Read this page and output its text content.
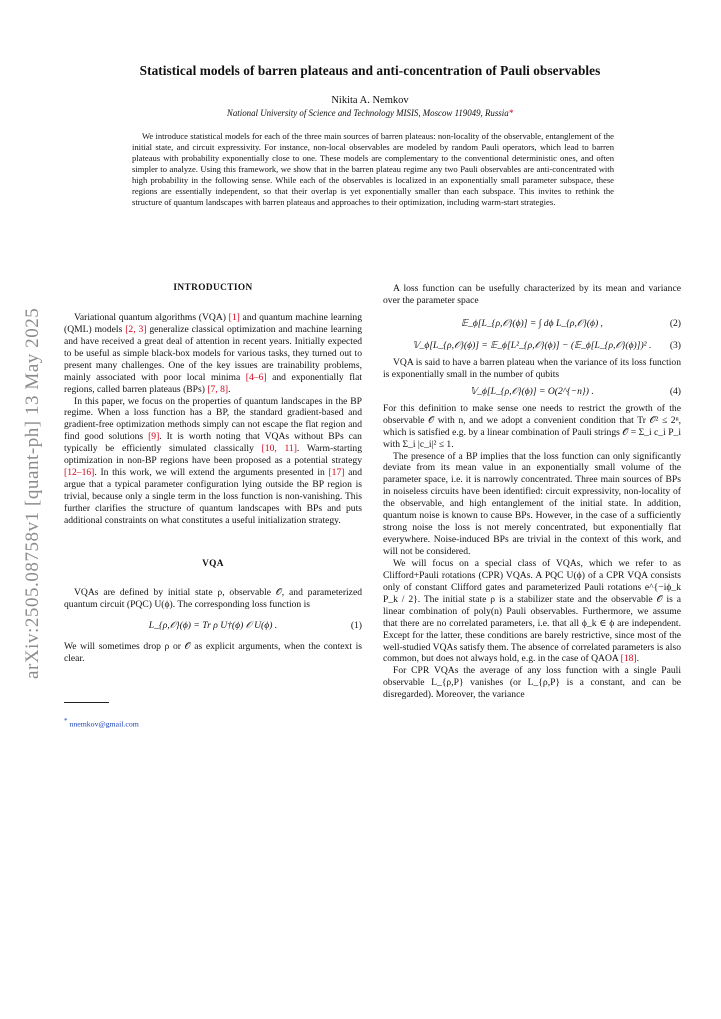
Statistical models of barren plateaus and anti-concentration of Pauli observables
Nikita A. Nemkov
National University of Science and Technology MISIS, Moscow 119049, Russia*
We introduce statistical models for each of the three main sources of barren plateaus: non-locality of the observable, entanglement of the initial state, and circuit expressivity. For instance, non-local observables are modeled by random Pauli operators, which lead to barren plateaus with probability exponentially close to one. These models are complementary to the conventional deterministic ones, and often simpler to analyze. Using this framework, we show that in the barren plateau regime any two Pauli observables are anti-concentrated with high probability in the following sense. While each of the observables is localized in an exponentially small parameter subspace, these regions are essentially independent, so that their overlap is yet exponentially smaller than each subspace. This invites to rethink the structure of quantum landscapes with barren plateaus and approaches to their optimization, including warm-start strategies.
arXiv:2505.08758v1 [quant-ph] 13 May 2025
INTRODUCTION

Variational quantum algorithms (VQA) [1] and quantum machine learning (QML) models [2, 3] generalize classical optimization and machine learning and have received a great deal of attention in recent years. Initially expected to be useful as simple black-box models for various tasks, they turned out to present many challenges. One of the key issues are trainability problems, mainly associated with poor local minima [4–6] and exponentially flat regions, called barren plateaus (BPs) [7, 8].

In this paper, we focus on the properties of quantum landscapes in the BP regime. When a loss function has a BP, the standard gradient-based and gradient-free optimization methods simply can not escape the flat region and find good solutions [9]. It is worth noting that VQAs without BPs can typically be efficiently simulated classically [10, 11]. Warm-starting optimization in non-BP regions have been proposed as a potential strategy [12–16]. In this work, we will extend the arguments presented in [17] and argue that a typical parameter configuration lying outside the BP region is trivial, because only a single term in the loss function is non-vanishing. This further clarifies the structure of quantum landscapes with BPs and puts additional constraints on what constitutes a useful initialization strategy.

VQA

VQAs are defined by initial state ρ, observable 𝒪, and parameterized quantum circuit (PQC) U(ϕ). The corresponding loss function is

L_{ρ,𝒪}(ϕ) = Tr ρ U†(ϕ) 𝒪 U(ϕ) .	(1)

We will sometimes drop ρ or 𝒪 as explicit arguments, when the context is clear.

* nnemkov@gmail.com

A loss function can be usefully characterized by its mean and variance over the parameter space

𝔼_ϕ[L_{ρ,𝒪}(ϕ)] = ∫ dϕ L_{ρ,𝒪}(ϕ) ,	(2)
𝕍_ϕ[L_{ρ,𝒪}(ϕ)] = 𝔼_ϕ[L²_{ρ,𝒪}(ϕ)] − (𝔼_ϕ[L_{ρ,𝒪}(ϕ)])² . (3)

VQA is said to have a barren plateau when the variance of its loss function is exponentially small in the number of qubits

𝕍_ϕ[L_{ρ,𝒪}(ϕ)] = O(2^{−n}) .	(4)

For this definition to make sense one needs to restrict the growth of the observable 𝒪 with n, and we adopt a convenient condition that Tr 𝒪² ≤ 2ⁿ, which is satisfied e.g. by a linear combination of Pauli strings 𝒪 = Σ_i c_i P_i with Σ_i |c_i|² ≤ 1.

The presence of a BP implies that the loss function can only significantly deviate from its mean value in an exponentially small volume of the parameter space, i.e. it is narrowly concentrated. Three main sources of BPs in noiseless circuits have been identified: circuit expressivity, non-locality of the observable, and high entanglement of the initial state. In addition, quantum noise is known to cause BPs. However, in the case of a sufficiently strong noise the loss is not merely concentrated, but exponentially flat everywhere. Noise-induced BPs are trivial in the context of this work, and will not be considered.

We will focus on a special class of VQAs, which we refer to as Clifford+Pauli rotations (CPR) VQAs. A PQC U(ϕ) of a CPR VQA consists only of constant Clifford gates and parameterized Pauli rotations e^{−iϕ_k P_k / 2}. The initial state ρ is a stabilizer state and the observable 𝒪 is a linear combination of poly(n) Pauli observables. Furthermore, we assume that there are no correlated parameters, i.e. that all ϕ_k ∈ ϕ are independent. Except for the latter, these conditions are barely restrictive, since most of the well-studied VQAs satisfy them. The absence of correlated parameters is also common, but does not always hold, e.g. in the case of QAOA [18].

For CPR VQAs the average of any loss function with a single Pauli observable L_{ρ,P} vanishes (or L_{ρ,P} is a constant, and can be disregarded). Moreover, the variance
